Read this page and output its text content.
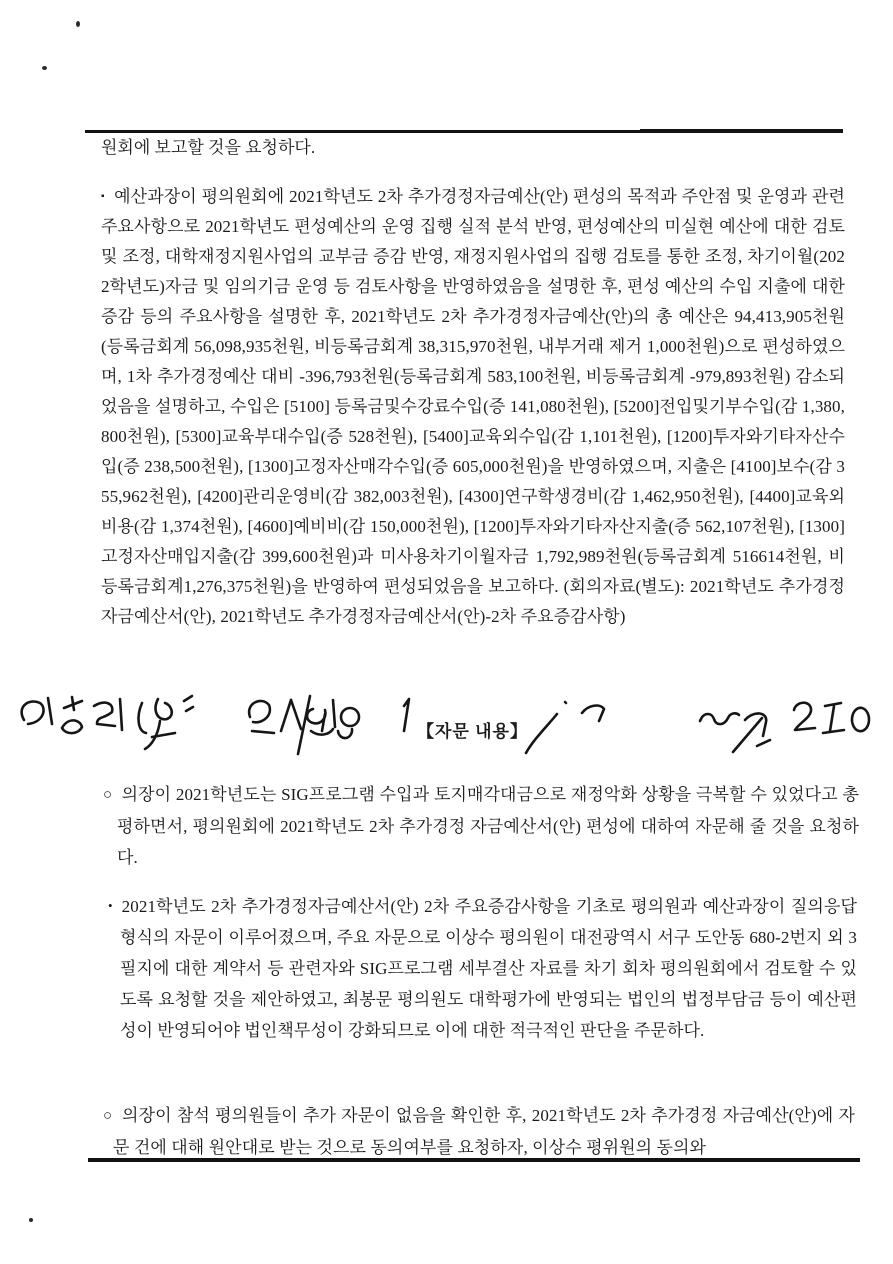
원회에 보고할 것을 요청하다.
▪ 예산과장이 평의원회에 2021학년도 2차 추가경정자금예산(안) 편성의 목적과 주안점 및 운영과 관련 주요사항으로 2021학년도 편성예산의 운영 집행 실적 분석 반영, 편성예산의 미실현 예산에 대한 검토 및 조정, 대학재정지원사업의 교부금 증감 반영, 재정지원사업의 집행 검토를 통한 조정, 차기이월(2022학년도)자금 및 임의기금 운영 등 검토사항을 반영하였음을 설명한 후, 편성 예산의 수입 지출에 대한 증감 등의 주요사항을 설명한 후, 2021학년도 2차 추가경정자금예산(안)의 총 예산은 94,413,905천원(등록금회계 56,098,935천원, 비등록금회계 38,315,970천원, 내부거래 제거 1,000천원)으로 편성하였으며, 1차 추가경정예산 대비 -396,793천원(등록금회계 583,100천원, 비등록금회계 -979,893천원) 감소되었음을 설명하고, 수입은 [5100] 등록금및수강료수입(증 141,080천원), [5200]전입및기부수입(감 1,380,800천원), [5300]교육부대수입(증 528천원), [5400]교육외수입(감 1,101천원), [1200]투자와기타자산수입(증 238,500천원), [1300]고정자산매각수입(증 605,000천원)을 반영하였으며, 지출은 [4100]보수(감 355,962천원), [4200]관리운영비(감 382,003천원), [4300]연구학생경비(감 1,462,950천원), [4400]교육외비용(감 1,374천원), [4600]예비비(감 150,000천원), [1200]투자와기타자산지출(증 562,107천원), [1300]고정자산매입지출(감 399,600천원)과 미사용차기이월자금 1,792,989천원(등록금회계 516614천원, 비등록금회계1,276,375천원)을 반영하여 편성되었음을 보고하다. (회의자료(별도): 2021학년도 추가경정자금예산서(안), 2021학년도 추가경정자금예산서(안)-2차 주요증감사항)
【자문 내용】
○ 의장이 2021학년도는 SIG프로그램 수입과 토지매각대금으로 재정악화 상황을 극복할 수 있었다고 총평하면서, 평의원회에 2021학년도 2차 추가경정 자금예산서(안) 편성에 대하여 자문해 줄 것을 요청하다.
• 2021학년도 2차 추가경정자금예산서(안) 2차 주요증감사항을 기초로 평의원과 예산과장이 질의응답 형식의 자문이 이루어졌으며, 주요 자문으로 이상수 평의원이 대전광역시 서구 도안동 680-2번지 외 3필지에 대한 계약서 등 관련자와 SIG프로그램 세부결산 자료를 차기 회차 평의원회에서 검토할 수 있도록 요청할 것을 제안하였고, 최봉문 평의원도 대학평가에 반영되는 법인의 법정부담금 등이 예산편성이 반영되어야 법인책무성이 강화되므로 이에 대한 적극적인 판단을 주문하다.
○ 의장이 참석 평의원들이 추가 자문이 없음을 확인한 후, 2021학년도 2차 추가경정 자금예산(안)에 자문 건에 대해 원안대로 받는 것으로 동의여부를 요청하자, 이상수 평위원의 동의와
